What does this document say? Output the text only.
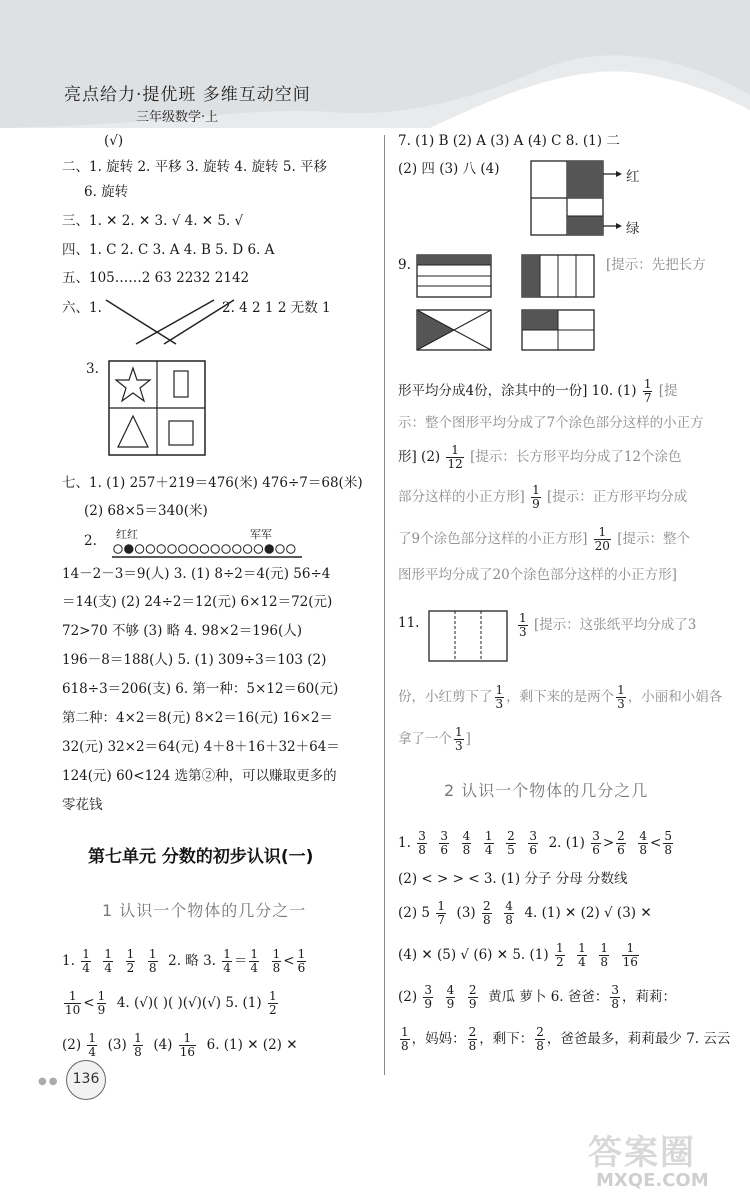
亮点给力·提优班 多维互动空间
三年级数学·上
(√)
二、1. 旋转 2. 平移 3. 旋转 4. 旋转 5. 平移
6. 旋转
三、1. ✕ 2. ✕ 3. √ 4. ✕ 5. √
四、1. C 2. C 3. A 4. B 5. D 6. A
五、105……2 63 2232 2142
六、1.	2. 4 2 1 2 无数 1
3.
七、1. (1) 257＋219＝476(米) 476÷7＝68(米)
(2) 68×5＝340(米)
2. 红红	军军
14－2－3＝9(人) 3. (1) 8÷2＝4(元) 56÷4
＝14(支) (2) 24÷2＝12(元) 6×12＝72(元)
72>70 不够 (3) 略 4. 98×2＝196(人)
196－8＝188(人) 5. (1) 309÷3＝103 (2)
618÷3＝206(支) 6. 第一种：5×12＝60(元)
第二种：4×2＝8(元) 8×2＝16(元) 16×2＝
32(元) 32×2＝64(元) 4＋8＋16＋32＋64＝
124(元) 60<124 选第②种，可以赚取更多的
零花钱
第七单元 分数的初步认识(一)
1 认识一个物体的几分之一
1. $\frac{1}{4}$
$\frac{1}{4}$
$\frac{1}{2}$
$\frac{1}{8} 2$. 略 3. $\frac{1}{4} = \frac{1}{4}$
$\frac{1}{8} < \frac{1}{6}$
$\frac{1}{10} < \frac{1}{9} 4$. (√)( )( )(√)(√) 5. $(1) \frac{1}{2}$
$(2) \frac{1}{4} (3) \frac{1}{8} (4) \frac{1}{16} 6$. (1) ✕ (2) ✕
7. (1) B (2) A (3) A (4) C 8. (1) 二
(2) 四 (3) 八 (4)	红
绿
9.	[提示：先把长方
形平均分成4份，涂其中的一份] 10. $(1) \frac{1}{7}$ [提
示：整个图形平均分成了7个涂色部分这样的小正方
形] $(2) \frac{1}{12}$ [提示：长方形平均分成了12个涂色
部分这样的小正方形] $\frac{1}{9}$ [提示：正方形平均分成
了9个涂色部分这样的小正方形] $\frac{1}{20}$ [提示：整个
图形平均分成了20个涂色部分这样的小正方形]
11.	$\frac{1}{3}$ [提示：这张纸平均分成了3
份，小红剪下了 $\frac{1}{3}$ ，剩下来的是两个 $\frac{1}{3}$ ，小丽和小娟各
拿了一个 $\frac{1}{3}$ ]
2 认识一个物体的几分之几
1. $\frac{3}{8}$
$\frac{3}{6}$
$\frac{4}{8}$
$\frac{1}{4}$
$\frac{2}{5}$
$\frac{3}{6} 2$. $(1) \frac{3}{6} > \frac{2}{6}$
$\frac{4}{8} < \frac{5}{8}$
(2) < > > < 3. (1) 分子 分母 分数线
(2) $5 \frac{1}{7} (3) \frac{2}{8}$
$\frac{4}{8} 4$. (1) ✕ (2) √ (3) ✕
(4) ✕ (5) √ (6) ✕ 5. $(1) \frac{1}{2}$
$\frac{1}{4}$
$\frac{1}{8}$
$\frac{1}{16}$
$(2) \frac{3}{9}$
$\frac{4}{9}$
$\frac{2}{9}$ 黄瓜 萝卜 6. 爸爸： $\frac{3}{8}$ ，莉莉：
$\frac{1}{8}$ ，妈妈： $\frac{2}{8}$ ，剩下： $\frac{2}{8}$ ，爸爸最多，莉莉最少 7. 云云
●● 136
答案圈
MXQE.COM
